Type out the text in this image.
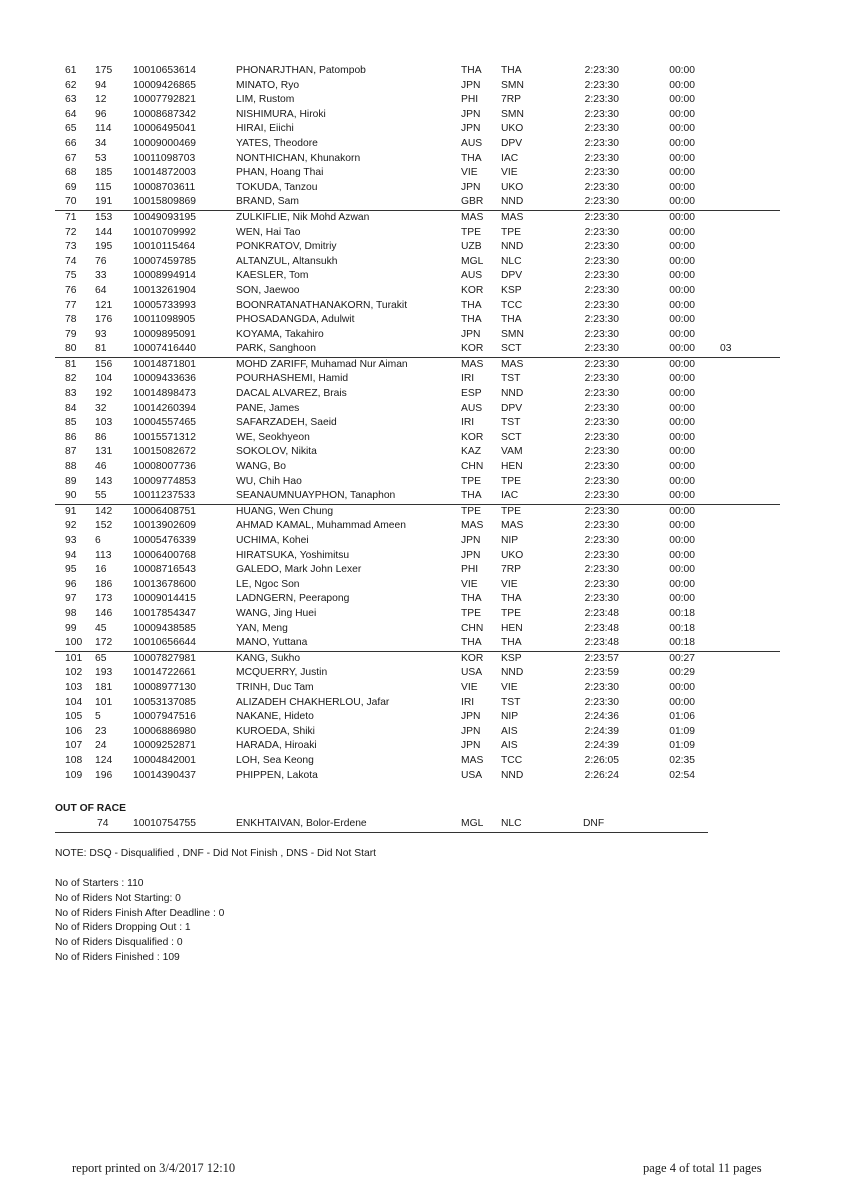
61	175	10010653614	PHONARJTHAN, Patompob	THA	THA	2:23:30	00:00	
62	94	10009426865	MINATO, Ryo	JPN	SMN	2:23:30	00:00	
63	12	10007792821	LIM, Rustom	PHI	7RP	2:23:30	00:00	
64	96	10008687342	NISHIMURA, Hiroki	JPN	SMN	2:23:30	00:00	
65	114	10006495041	HIRAI, Eiichi	JPN	UKO	2:23:30	00:00	
66	34	10009000469	YATES, Theodore	AUS	DPV	2:23:30	00:00	
67	53	10011098703	NONTHICHAN, Khunakorn	THA	IAC	2:23:30	00:00	
68	185	10014872003	PHAN, Hoang Thai	VIE	VIE	2:23:30	00:00	
69	115	10008703611	TOKUDA, Tanzou	JPN	UKO	2:23:30	00:00	
70	191	10015809869	BRAND, Sam	GBR	NND	2:23:30	00:00	
71	153	10049093195	ZULKIFLIE, Nik Mohd Azwan	MAS	MAS	2:23:30	00:00	
72	144	10010709992	WEN, Hai Tao	TPE	TPE	2:23:30	00:00	
73	195	10010115464	PONKRATOV, Dmitriy	UZB	NND	2:23:30	00:00	
74	76	10007459785	ALTANZUL, Altansukh	MGL	NLC	2:23:30	00:00	
75	33	10008994914	KAESLER, Tom	AUS	DPV	2:23:30	00:00	
76	64	10013261904	SON, Jaewoo	KOR	KSP	2:23:30	00:00	
77	121	10005733993	BOONRATANATHANAKORN, Turakit	THA	TCC	2:23:30	00:00	
78	176	10011098905	PHOSADANGDA, Adulwit	THA	THA	2:23:30	00:00	
79	93	10009895091	KOYAMA, Takahiro	JPN	SMN	2:23:30	00:00	
80	81	10007416440	PARK, Sanghoon	KOR	SCT	2:23:30	00:00	03
81	156	10014871801	MOHD ZARIFF, Muhamad Nur Aiman	MAS	MAS	2:23:30	00:00	
82	104	10009433636	POURHASHEMI, Hamid	IRI	TST	2:23:30	00:00	
83	192	10014898473	DACAL ALVAREZ, Brais	ESP	NND	2:23:30	00:00	
84	32	10014260394	PANE, James	AUS	DPV	2:23:30	00:00	
85	103	10004557465	SAFARZADEH, Saeid	IRI	TST	2:23:30	00:00	
86	86	10015571312	WE, Seokhyeon	KOR	SCT	2:23:30	00:00	
87	131	10015082672	SOKOLOV, Nikita	KAZ	VAM	2:23:30	00:00	
88	46	10008007736	WANG, Bo	CHN	HEN	2:23:30	00:00	
89	143	10009774853	WU, Chih Hao	TPE	TPE	2:23:30	00:00	
90	55	10011237533	SEANAUMNUAYPHON, Tanaphon	THA	IAC	2:23:30	00:00	
91	142	10006408751	HUANG, Wen Chung	TPE	TPE	2:23:30	00:00	
92	152	10013902609	AHMAD KAMAL, Muhammad Ameen	MAS	MAS	2:23:30	00:00	
93	6	10005476339	UCHIMA, Kohei	JPN	NIP	2:23:30	00:00	
94	113	10006400768	HIRATSUKA, Yoshimitsu	JPN	UKO	2:23:30	00:00	
95	16	10008716543	GALEDO, Mark John Lexer	PHI	7RP	2:23:30	00:00	
96	186	10013678600	LE, Ngoc Son	VIE	VIE	2:23:30	00:00	
97	173	10009014415	LADNGERN, Peerapong	THA	THA	2:23:30	00:00	
98	146	10017854347	WANG, Jing Huei	TPE	TPE	2:23:48	00:18	
99	45	10009438585	YAN, Meng	CHN	HEN	2:23:48	00:18	
100	172	10010656644	MANO, Yuttana	THA	THA	2:23:48	00:18	
101	65	10007827981	KANG, Sukho	KOR	KSP	2:23:57	00:27	
102	193	10014722661	MCQUERRY, Justin	USA	NND	2:23:59	00:29	
103	181	10008977130	TRINH, Duc Tam	VIE	VIE	2:23:30	00:00	
104	101	10053137085	ALIZADEH CHAKHERLOU, Jafar	IRI	TST	2:23:30	00:00	
105	5	10007947516	NAKANE, Hideto	JPN	NIP	2:24:36	01:06	
106	23	10006886980	KUROEDA, Shiki	JPN	AIS	2:24:39	01:09	
107	24	10009252871	HARADA, Hiroaki	JPN	AIS	2:24:39	01:09	
108	124	10004842001	LOH, Sea Keong	MAS	TCC	2:26:05	02:35	
109	196	10014390437	PHIPPEN, Lakota	USA	NND	2:26:24	02:54	
OUT OF RACE
74 10010754755	ENKHTAIVAN, Bolor-Erdene	MGL NLC	DNF
NOTE: DSQ - Disqualified , DNF - Did Not Finish , DNS - Did Not Start
No of Starters : 110
No of Riders Not Starting: 0
No of Riders Finish After Deadline : 0
No of Riders Dropping Out : 1
No of Riders Disqualified : 0
No of Riders Finished : 109
report printed on 3/4/2017 12:10	page 4 of total 11 pages
